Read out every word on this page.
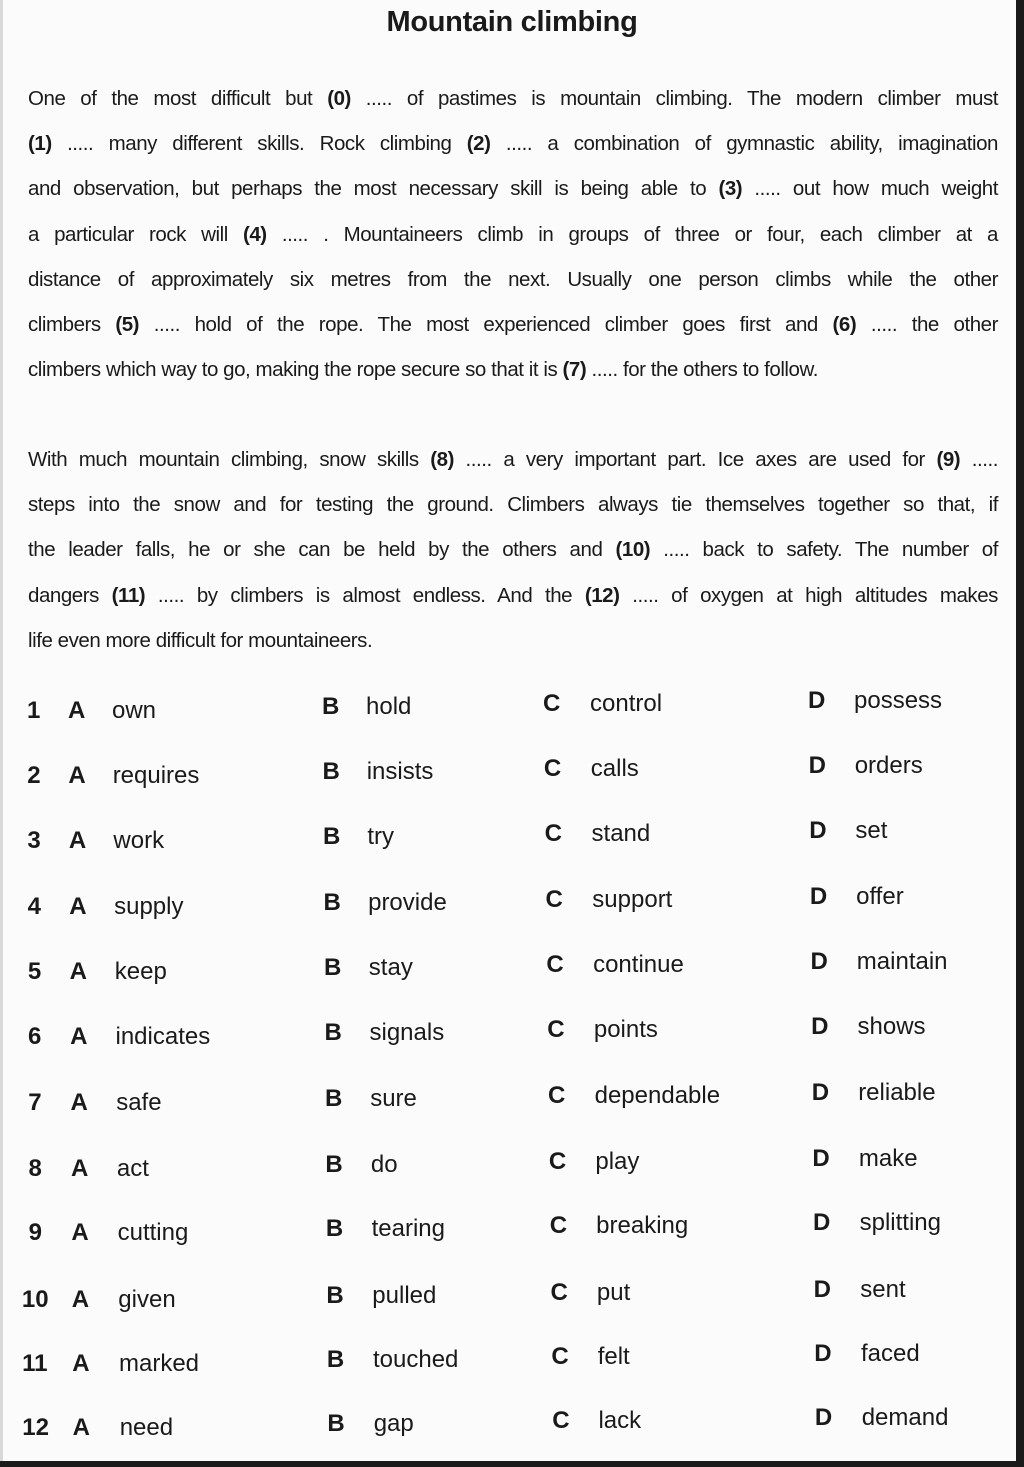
Mountain climbing
One of the most difficult but (0) ..... of pastimes is mountain climbing. The modern climber must
(1) ..... many different skills. Rock climbing (2) ..... a combination of gymnastic ability, imagination
and observation, but perhaps the most necessary skill is being able to (3) ..... out how much weight
a particular rock will (4) ..... . Mountaineers climb in groups of three or four, each climber at a
distance of approximately six metres from the next. Usually one person climbs while the other
climbers (5) ..... hold of the rope. The most experienced climber goes first and (6) ..... the other
climbers which way to go, making the rope secure so that it is (7) ..... for the others to follow.
With much mountain climbing, snow skills (8) ..... a very important part. Ice axes are used for (9) .....
steps into the snow and for testing the ground. Climbers always tie themselves together so that, if
the leader falls, he or she can be held by the others and (10) ..... back to safety. The number of
dangers (11) ..... by climbers is almost endless. And the (12) ..... of oxygen at high altitudes makes
life even more difficult for mountaineers.
1 A own	B hold	C control	D possess
2 A requires	B insists	C calls	D orders
3 A work	B try	C stand	D set
4 A supply	B provide	C support	D offer
5 A keep	B stay	C continue	D maintain
6 A indicates	B signals	C points	D shows
7 A safe	B sure	C dependable	D reliable
8 A act	B do	C play	D make
9 A cutting	B tearing	C breaking	D splitting
10 A given	B pulled	C put	D sent
11 A marked	B touched	C felt	D faced
12 A need	B gap	C lack	D demand
